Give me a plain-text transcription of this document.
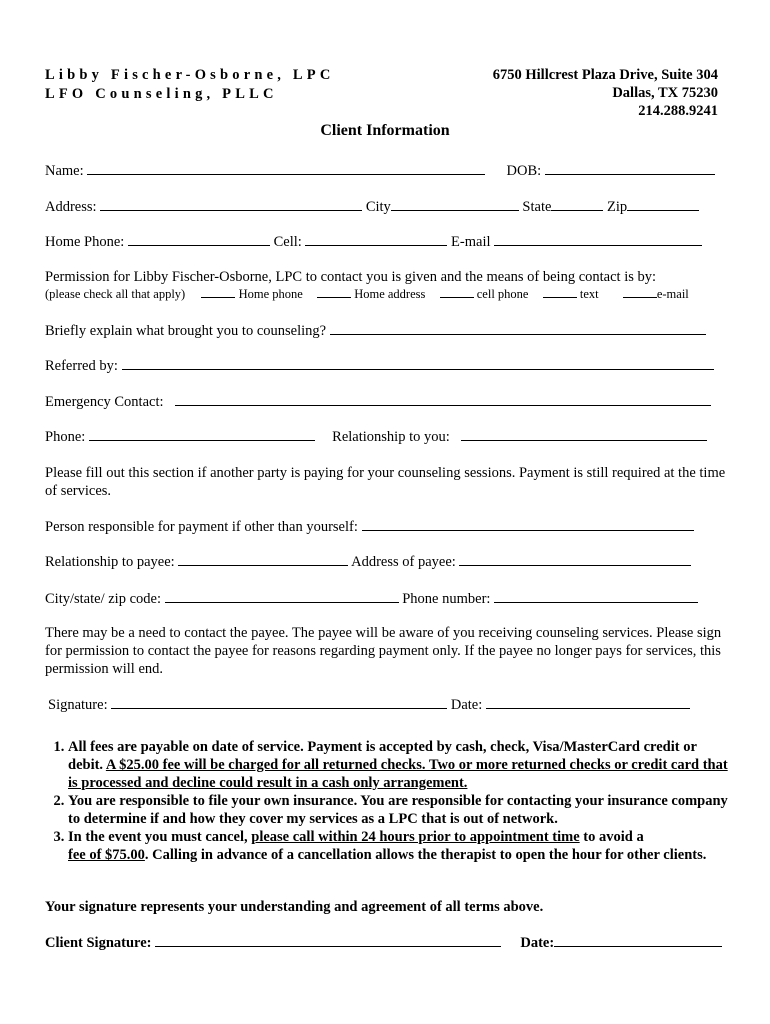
Libby Fischer-Osborne, LPC
LFO Counseling, PLLC
6750 Hillcrest Plaza Drive, Suite 304
Dallas, TX 75230
214.288.9241
Client Information
Name:	DOB:
Address:	City	State	Zip
Home Phone:	Cell:	E-mail
Permission for Libby Fischer-Osborne, LPC to contact you is given and the means of being contact is by:
(please check all that apply)	Home phone	Home address	cell phone	text	e-mail
Briefly explain what brought you to counseling?
Referred by:
Emergency Contact:
Phone:	Relationship to you:
Please fill out this section if another party is paying for your counseling sessions. Payment is still required at the time of services.
Person responsible for payment if other than yourself:
Relationship to payee:	Address of payee:
City/state/ zip code:	Phone number:
There may be a need to contact the payee. The payee will be aware of you receiving counseling services. Please sign for permission to contact the payee for reasons regarding payment only. If the payee no longer pays for services, this permission will end.
Signature:	Date:
1. All fees are payable on date of service. Payment is accepted by cash, check, Visa/MasterCard credit or debit. A $25.00 fee will be charged for all returned checks. Two or more returned checks or credit card that is processed and decline could result in a cash only arrangement.
2. You are responsible to file your own insurance. You are responsible for contacting your insurance company to determine if and how they cover my services as a LPC that is out of network.
3. In the event you must cancel, please call within 24 hours prior to appointment time to avoid a
fee of $75.00. Calling in advance of a cancellation allows the therapist to open the hour for other clients.
Your signature represents your understanding and agreement of all terms above.
Client Signature:	Date:
